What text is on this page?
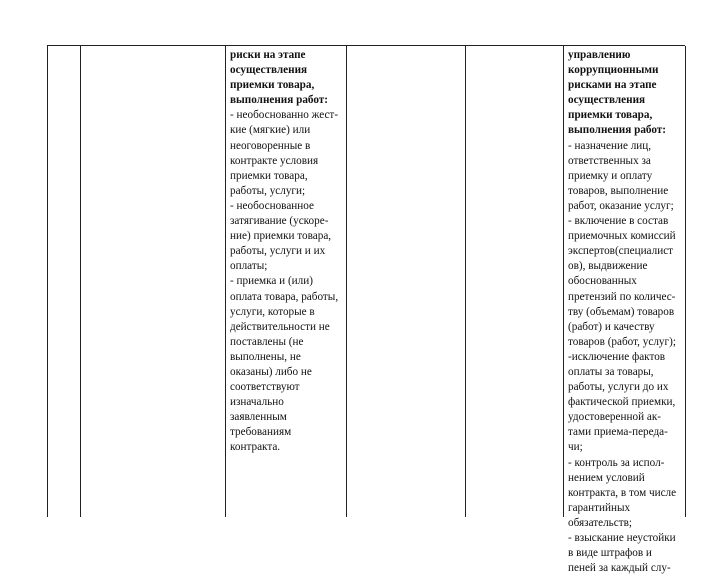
риски на этапе
осуществления
приемки товара,
выполнения работ:
- необоснованно жест-
кие (мягкие) или
неоговоренные в
контракте условия
приемки товара,
работы, услуги;
- необоснованное
затягивание (ускоре-
ние) приемки товара,
работы, услуги и их
оплаты;
- приемка и (или)
оплата товара, работы,
услуги, которые в
действительности не
поставлены (не
выполнены, не
оказаны) либо не
соответствуют
изначально
заявленным
требованиям
контракта.
управлению
коррупционными
рисками на этапе
осуществления
приемки товара,
выполнения работ:
- назначение лиц,
ответственных за
приемку и оплату
товаров, выполнение
работ, оказание услуг;
- включение в состав
приемочных комиссий
экспертов(специалист
ов), выдвижение
обоснованных
претензий по количес-
тву (объемам) товаров
(работ) и качеству
товаров (работ, услуг);
-исключение фактов
оплаты за товары,
работы, услуги до их
фактической приемки,
удостоверенной ак-
тами приема-переда-
чи;
- контроль за испол-
нением условий
контракта, в том числе
гарантийных
обязательств;
- взыскание неустойки
в виде штрафов и
пеней за каждый слу-
